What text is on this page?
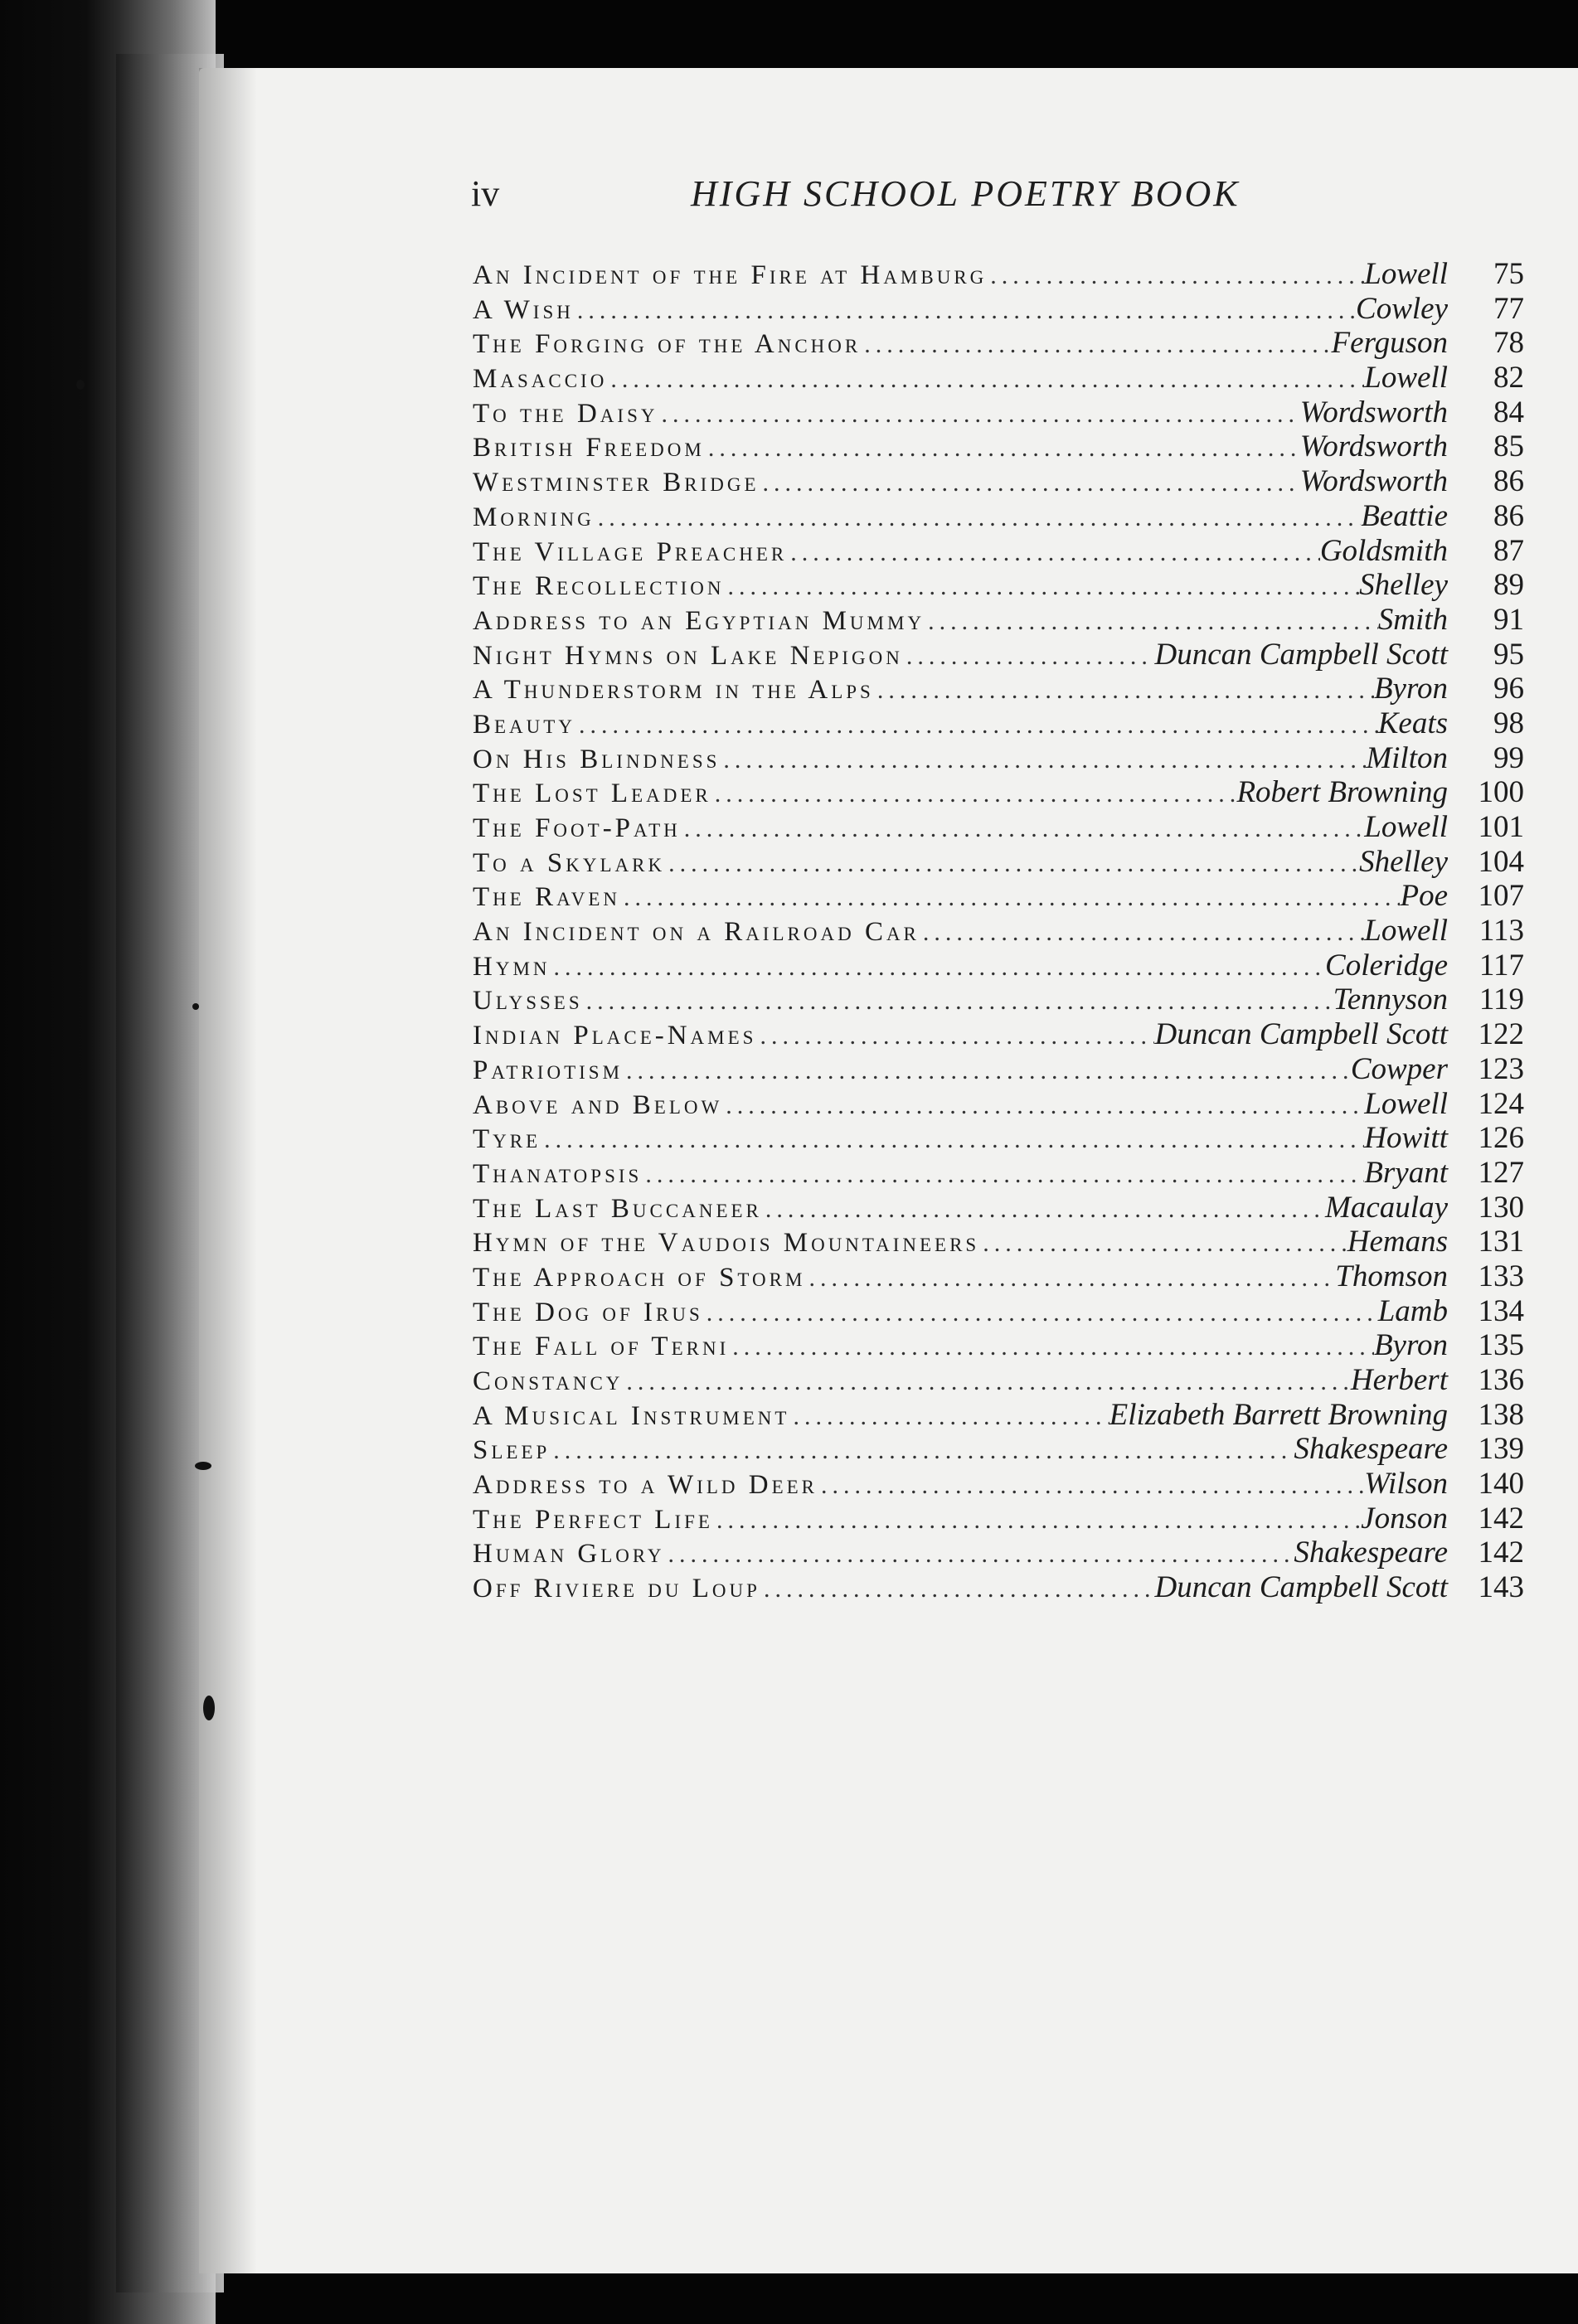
iv	HIGH SCHOOL POETRY BOOK
An Incident of the Fire at Hamburg .....	Lowell	75
A Wish .....	Cowley	77
The Forging of the Anchor .....	Ferguson	78
Masaccio .....	Lowell	82
To the Daisy .....	Wordsworth	84
British Freedom .....	Wordsworth	85
Westminster Bridge .....	Wordsworth	86
Morning .....	Beattie	86
The Village Preacher .....	Goldsmith	87
The Recollection .....	Shelley	89
Address to an Egyptian Mummy .....	Smith	91
Night Hymns on Lake Nepigon .....	Duncan Campbell Scott	95
A Thunderstorm in the Alps .....	Byron	96
Beauty .....	Keats	98
On His Blindness .....	Milton	99
The Lost Leader .....	Robert Browning 100
The Foot-Path .....	Lowell 101
To a Skylark .....	Shelley 104
The Raven .....	Poe 107
An Incident on a Railroad Car .....	Lowell	113
Hymn .....	Coleridge	117
Ulysses .....	Tennyson	119
Indian Place-Names .....	Duncan Campbell Scott 122
Patriotism .....	Cowper 123
Above and Below .....	Lowell 124
Tyre .....	Howitt 126
Thanatopsis .....	Bryant 127
The Last Buccaneer .....	Macaulay 130
Hymn of the Vaudois Mountaineers .....	Hemans 131
The Approach of Storm .....	Thomson 133
The Dog of Irus .....	Lamb 134
The Fall of Terni .....	Byron 135
Constancy .....	Herbert 136
A Musical Instrument .....	Elizabeth Barrett Browning 138
Sleep .....	Shakespeare 139
Address to a Wild Deer .....	Wilson 140
The Perfect Life .....	Jonson 142
Human Glory .....	Shakespeare 142
Off Riviere du Loup .....	Duncan Campbell Scott 143
